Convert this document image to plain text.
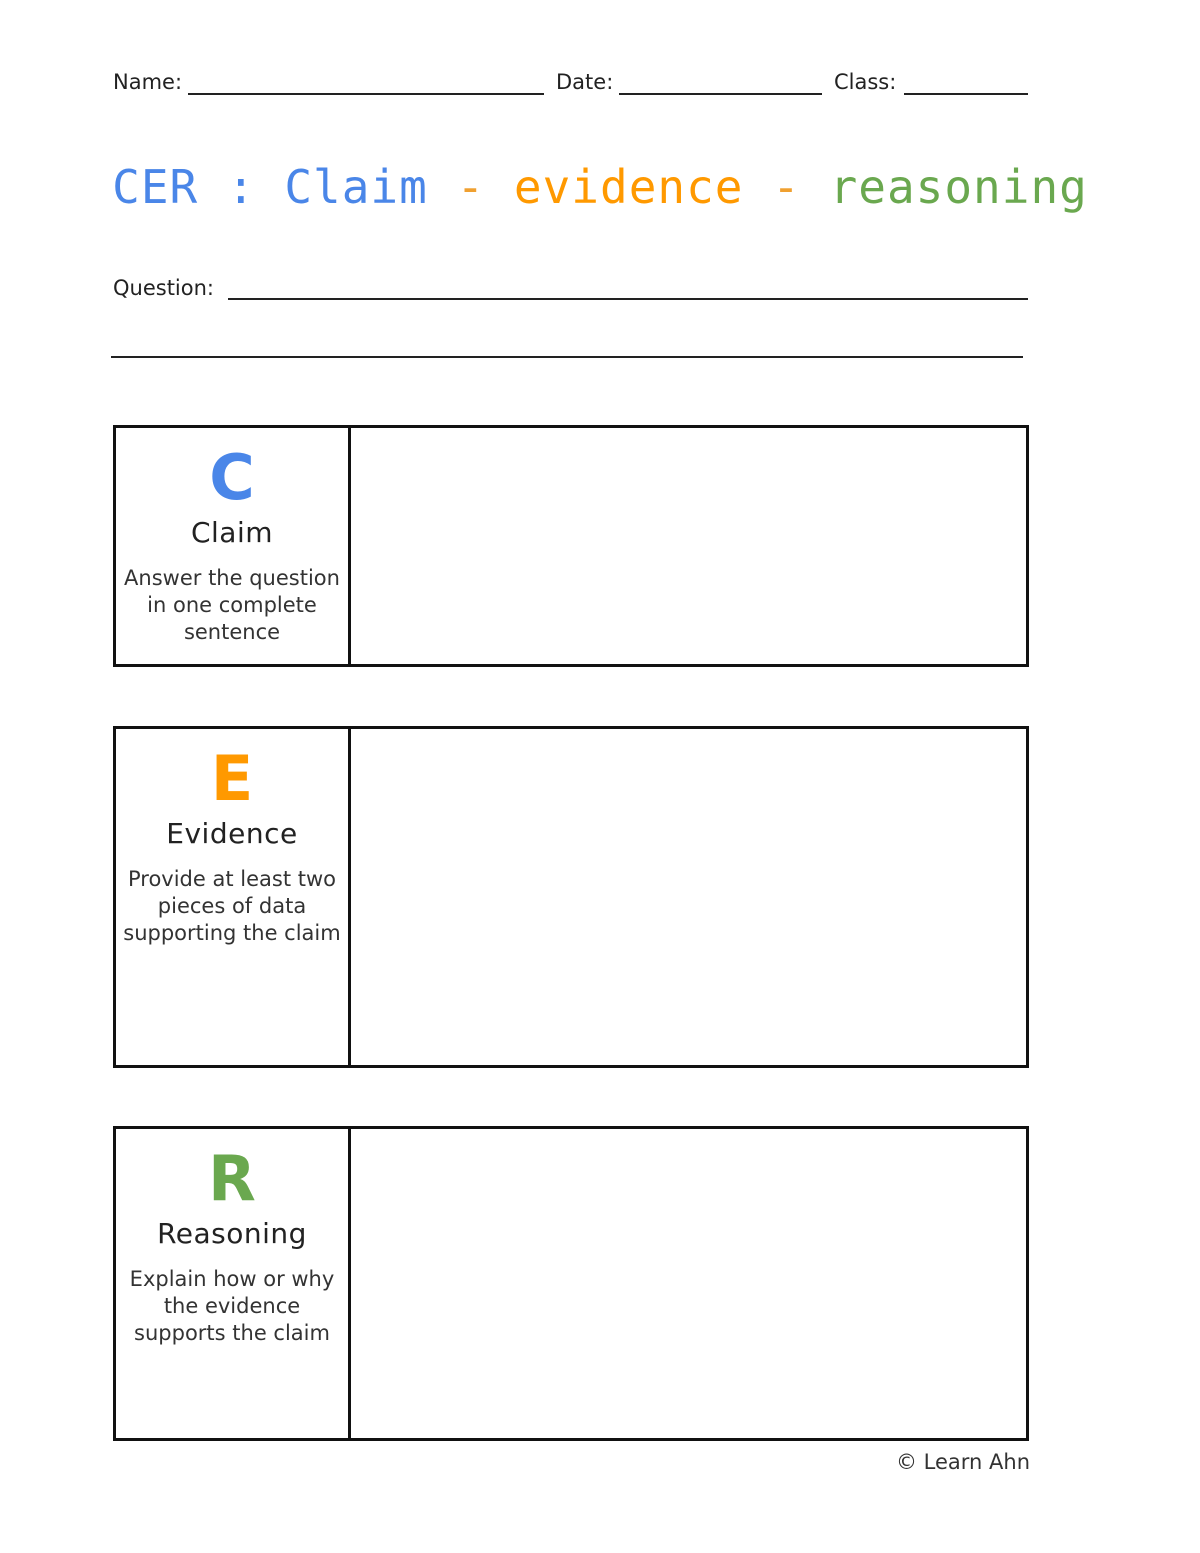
Name:	Date:	Class:
CER : Claim - evidence - reasoning
Question:
C
Claim
Answer the question in one complete sentence
E
Evidence
Provide at least two pieces of data supporting the claim
R
Reasoning
Explain how or why the evidence supports the claim
© Learn Ahn
